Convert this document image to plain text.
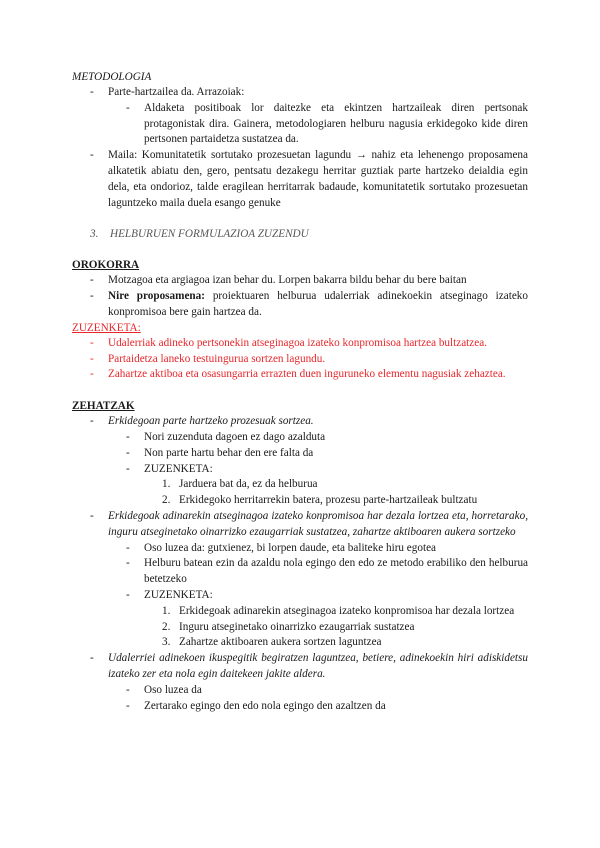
METODOLOGIA

- Parte-hartzailea da. Arrazoiak:
- Aldaketa positiboak lor daitezke eta ekintzen hartzaileak diren pertsonak protagonistak dira. Gainera, metodologiaren helburu nagusia erkidegoko kide diren pertsonen partaidetza sustatzea da.
- Maila: Komunitatetik sortutako prozesuetan lagundu → nahiz eta lehenengo proposamena alkatetik abiatu den, gero, pentsatu dezakegu herritar guztiak parte hartzeko deialdia egin dela, eta ondorioz, talde eragilean herritarrak badaude, komunitatetik sortutako prozesuetan laguntzeko maila duela esango genuke

3. HELBURUEN FORMULAZIOA ZUZENDU

OROKORRA

- Motzagoa eta argiagoa izan behar du. Lorpen bakarra bildu behar du bere baitan
- Nire proposamena: proiektuaren helburua udalerriak adinekoekin atseginago izateko konpromisoa bere gain hartzea da.

ZUZENKETA:

- Udalerriak adineko pertsonekin atseginagoa izateko konpromisoa hartzea bultzatzea.
- Partaidetza laneko testuingurua sortzen lagundu.
- Zahartze aktiboa eta osasungarria errazten duen inguruneko elementu nagusiak zehaztea.

ZEHATZAK

- Erkidegoan parte hartzeko prozesuak sortzea.
- Nori zuzenduta dagoen ez dago azalduta
- Non parte hartu behar den ere falta da
- ZUZENKETA:
1. Jarduera bat da, ez da helburua
2. Erkidegoko herritarrekin batera, prozesu parte-hartzaileak bultzatu
- Erkidegoak adinarekin atseginagoa izateko konpromisoa har dezala lortzea eta, horretarako, inguru atseginetako oinarrizko ezaugarriak sustatzea, zahartze aktiboaren aukera sortzeko
- Oso luzea da: gutxienez, bi lorpen daude, eta baliteke hiru egotea
- Helburu batean ezin da azaldu nola egingo den edo ze metodo erabiliko den helburua betetzeko
- ZUZENKETA:
1. Erkidegoak adinarekin atseginagoa izateko konpromisoa har dezala lortzea
2. Inguru atseginetako oinarrizko ezaugarriak sustatzea
3. Zahartze aktiboaren aukera sortzen laguntzea
- Udalerriei adinekoen ikuspegitik begiratzen laguntzea, betiere, adinekoekin hiri adiskidetsu izateko zer eta nola egin daitekeen jakite aldera.
- Oso luzea da
- Zertarako egingo den edo nola egingo den azaltzen da
